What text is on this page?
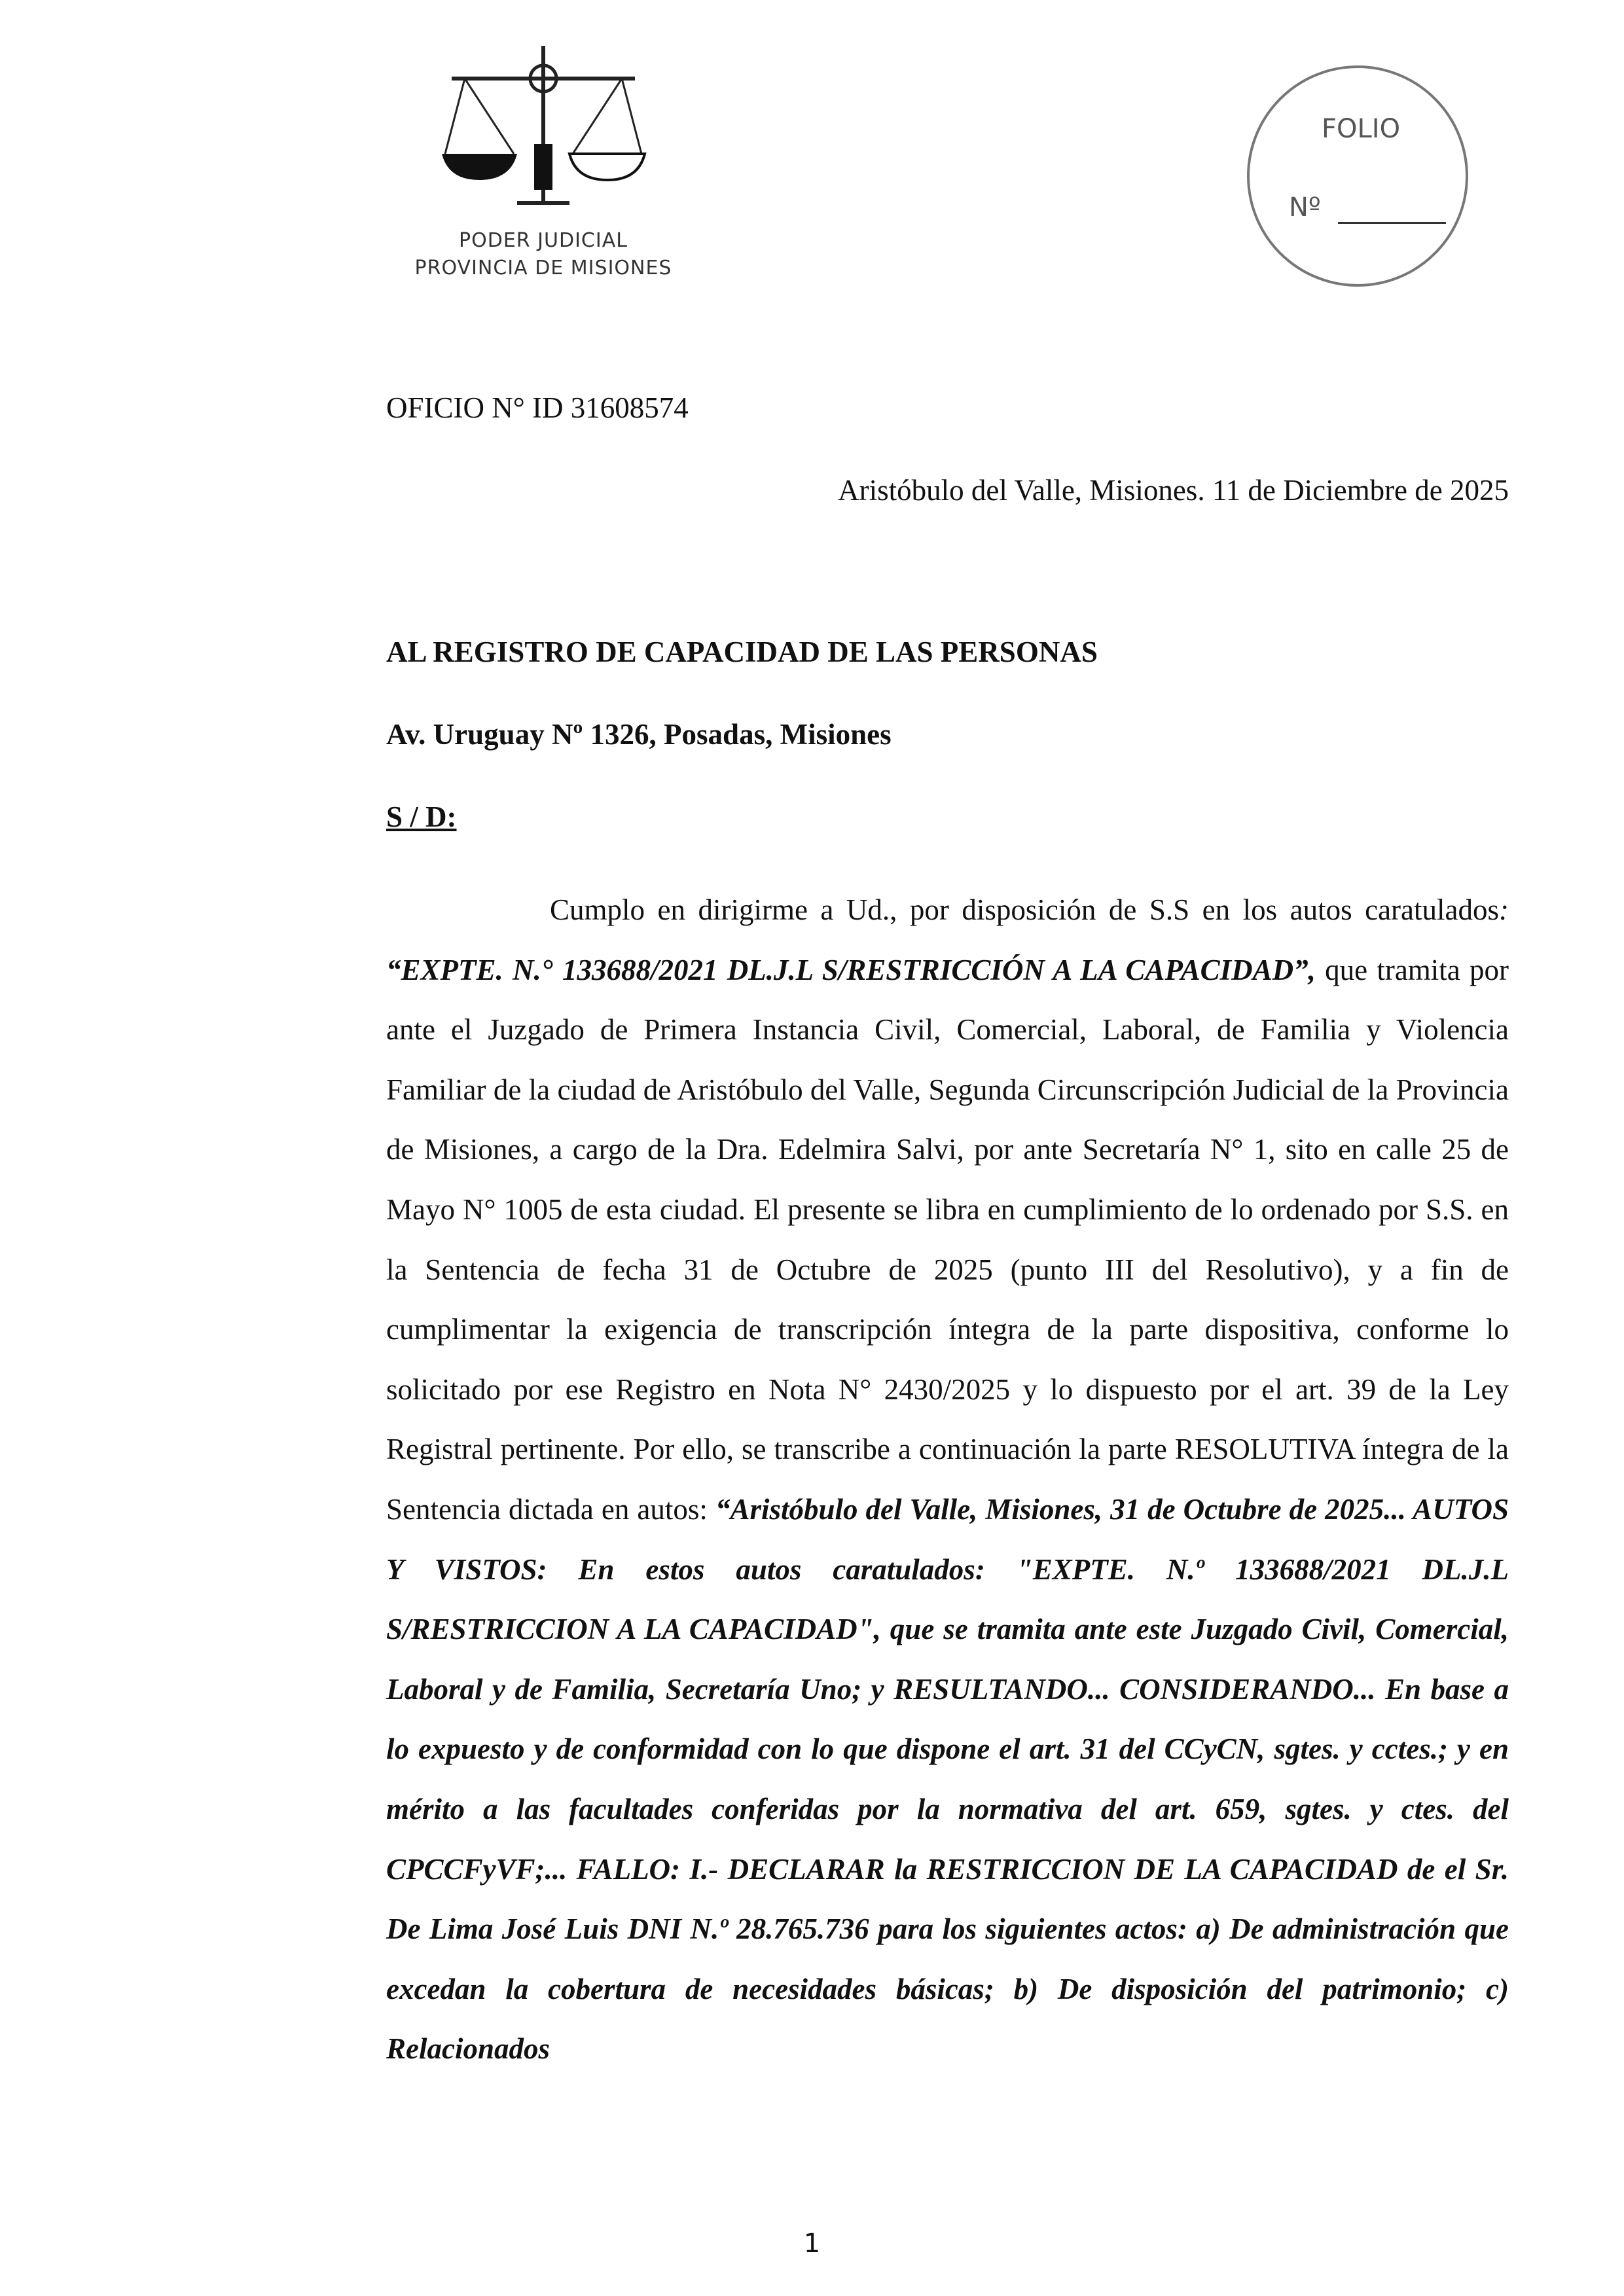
PODER JUDICIAL
PROVINCIA DE MISIONES
FOLIO
Nº
OFICIO N° ID 31608574
Aristóbulo del Valle, Misiones. 11 de Diciembre de 2025
AL REGISTRO DE CAPACIDAD DE LAS PERSONAS
Av. Uruguay Nº 1326, Posadas, Misiones
S / D:

Cumplo en dirigirme a Ud., por disposición de S.S en los autos caratulados: “EXPTE. N.° 133688/2021 DL.J.L S/RESTRICCIÓN A LA CAPACIDAD”, que tramita por ante el Juzgado de Primera Instancia Civil, Comercial, Laboral, de Familia y Violencia Familiar de la ciudad de Aristóbulo del Valle, Segunda Circunscripción Judicial de la Provincia de Misiones, a cargo de la Dra. Edelmira Salvi, por ante Secretaría N° 1, sito en calle 25 de Mayo N° 1005 de esta ciudad. El presente se libra en cumplimiento de lo ordenado por S.S. en la Sentencia de fecha 31 de Octubre de 2025 (punto III del Resolutivo), y a fin de cumplimentar la exigencia de transcripción íntegra de la parte dispositiva, conforme lo solicitado por ese Registro en Nota N° 2430/2025 y lo dispuesto por el art. 39 de la Ley Registral pertinente. Por ello, se transcribe a continuación la parte RESOLUTIVA íntegra de la Sentencia dictada en autos: “Aristóbulo del Valle, Misiones, 31 de Octubre de 2025... AUTOS Y VISTOS: En estos autos caratulados: "EXPTE. N.º 133688/2021 DL.J.L S/RESTRICCION A LA CAPACIDAD", que se tramita ante este Juzgado Civil, Comercial, Laboral y de Familia, Secretaría Uno; y RESULTANDO... CONSIDERANDO... En base a lo expuesto y de conformidad con lo que dispone el art. 31 del CCyCN, sgtes. y cctes.; y en mérito a las facultades conferidas por la normativa del art. 659, sgtes. y ctes. del CPCCFyVF;... FALLO: I.- DECLARAR la RESTRICCION DE LA CAPACIDAD de el Sr. De Lima José Luis DNI N.º 28.765.736 para los siguientes actos: a) De administración que excedan la cobertura de necesidades básicas; b) De disposición del patrimonio; c) Relacionados

1
